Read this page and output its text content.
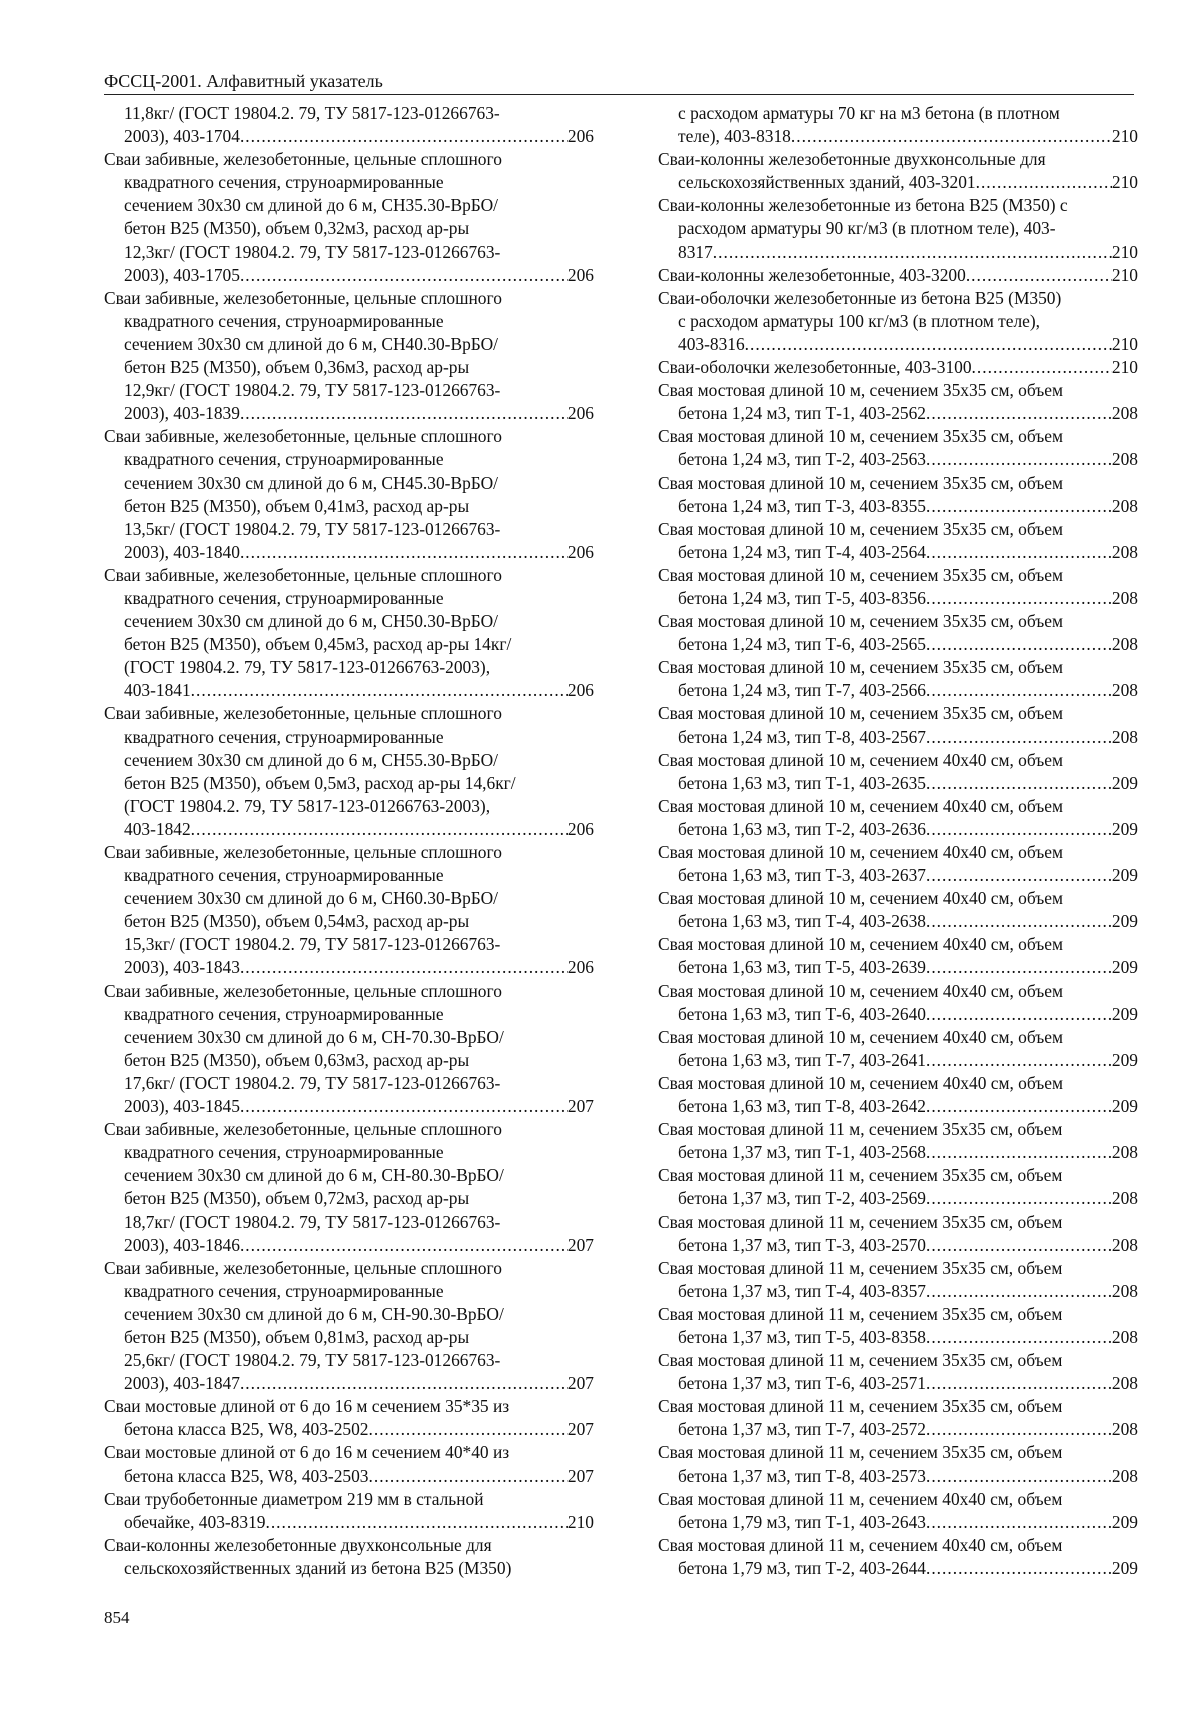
ФССЦ-2001. Алфавитный указатель
11,8кг/ (ГОСТ 19804.2. 79, ТУ 5817-123-01266763-
2003), 403-1704 .....	206
Сваи забивные, железобетонные, цельные сплошного
квадратного сечения, струноармированные
сечением 30х30 см длиной до 6 м, СН35.30-ВрБО/
бетон В25 (М350), объем 0,32м3, расход ар-ры
12,3кг/ (ГОСТ 19804.2. 79, ТУ 5817-123-01266763-
2003), 403-1705 .....	206
Сваи забивные, железобетонные, цельные сплошного
квадратного сечения, струноармированные
сечением 30х30 см длиной до 6 м, СН40.30-ВрБО/
бетон В25 (М350), объем 0,36м3, расход ар-ры
12,9кг/ (ГОСТ 19804.2. 79, ТУ 5817-123-01266763-
2003), 403-1839 .....	206
Сваи забивные, железобетонные, цельные сплошного
квадратного сечения, струноармированные
сечением 30х30 см длиной до 6 м, СН45.30-ВрБО/
бетон В25 (М350), объем 0,41м3, расход ар-ры
13,5кг/ (ГОСТ 19804.2. 79, ТУ 5817-123-01266763-
2003), 403-1840 .....	206
Сваи забивные, железобетонные, цельные сплошного
квадратного сечения, струноармированные
сечением 30х30 см длиной до 6 м, СН50.30-ВрБО/
бетон В25 (М350), объем 0,45м3, расход ар-ры 14кг/
(ГОСТ 19804.2. 79, ТУ 5817-123-01266763-2003),
403-1841 .....	206
Сваи забивные, железобетонные, цельные сплошного
квадратного сечения, струноармированные
сечением 30х30 см длиной до 6 м, СН55.30-ВрБО/
бетон В25 (М350), объем 0,5м3, расход ар-ры 14,6кг/
(ГОСТ 19804.2. 79, ТУ 5817-123-01266763-2003),
403-1842 .....	206
Сваи забивные, железобетонные, цельные сплошного
квадратного сечения, струноармированные
сечением 30х30 см длиной до 6 м, СН60.30-ВрБО/
бетон В25 (М350), объем 0,54м3, расход ар-ры
15,3кг/ (ГОСТ 19804.2. 79, ТУ 5817-123-01266763-
2003), 403-1843 .....	206
Сваи забивные, железобетонные, цельные сплошного
квадратного сечения, струноармированные
сечением 30х30 см длиной до 6 м, СН-70.30-ВрБО/
бетон В25 (М350), объем 0,63м3, расход ар-ры
17,6кг/ (ГОСТ 19804.2. 79, ТУ 5817-123-01266763-
2003), 403-1845 .....	207
Сваи забивные, железобетонные, цельные сплошного
квадратного сечения, струноармированные
сечением 30х30 см длиной до 6 м, СН-80.30-ВрБО/
бетон В25 (М350), объем 0,72м3, расход ар-ры
18,7кг/ (ГОСТ 19804.2. 79, ТУ 5817-123-01266763-
2003), 403-1846 .....	207
Сваи забивные, железобетонные, цельные сплошного
квадратного сечения, струноармированные
сечением 30х30 см длиной до 6 м, СН-90.30-ВрБО/
бетон В25 (М350), объем 0,81м3, расход ар-ры
25,6кг/ (ГОСТ 19804.2. 79, ТУ 5817-123-01266763-
2003), 403-1847 .....	207
Сваи мостовые длиной от 6 до 16 м сечением 35*35 из
бетона класса В25, W8, 403-2502 .....	207
Сваи мостовые длиной от 6 до 16 м сечением 40*40 из
бетона класса В25, W8, 403-2503 .....	207
Сваи трубобетонные диаметром 219 мм в стальной
обечайке, 403-8319 .....	210
Сваи-колонны железобетонные двухконсольные для
сельскохозяйственных зданий из бетона В25 (М350)
с расходом арматуры 70 кг на м3 бетона (в плотном
теле), 403-8318 .....	210
Сваи-колонны железобетонные двухконсольные для
сельскохозяйственных зданий, 403-3201 .....	210
Сваи-колонны железобетонные из бетона В25 (М350) с
расходом арматуры 90 кг/м3 (в плотном теле), 403-
8317 .....	210
Сваи-колонны железобетонные, 403-3200 .....	210
Сваи-оболочки железобетонные из бетона В25 (М350)
с расходом арматуры 100 кг/м3 (в плотном теле),
403-8316 .....	210
Сваи-оболочки железобетонные, 403-3100 .....	210
Свая мостовая длиной 10 м, сечением 35х35 см, объем
бетона 1,24 м3, тип Т-1, 403-2562 .....	208
Свая мостовая длиной 10 м, сечением 35х35 см, объем
бетона 1,24 м3, тип Т-2, 403-2563 .....	208
Свая мостовая длиной 10 м, сечением 35х35 см, объем
бетона 1,24 м3, тип Т-3, 403-8355 .....	208
Свая мостовая длиной 10 м, сечением 35х35 см, объем
бетона 1,24 м3, тип Т-4, 403-2564 .....	208
Свая мостовая длиной 10 м, сечением 35х35 см, объем
бетона 1,24 м3, тип Т-5, 403-8356 .....	208
Свая мостовая длиной 10 м, сечением 35х35 см, объем
бетона 1,24 м3, тип Т-6, 403-2565 .....	208
Свая мостовая длиной 10 м, сечением 35х35 см, объем
бетона 1,24 м3, тип Т-7, 403-2566 .....	208
Свая мостовая длиной 10 м, сечением 35х35 см, объем
бетона 1,24 м3, тип Т-8, 403-2567 .....	208
Свая мостовая длиной 10 м, сечением 40х40 см, объем
бетона 1,63 м3, тип Т-1, 403-2635 .....	209
Свая мостовая длиной 10 м, сечением 40х40 см, объем
бетона 1,63 м3, тип Т-2, 403-2636 .....	209
Свая мостовая длиной 10 м, сечением 40х40 см, объем
бетона 1,63 м3, тип Т-3, 403-2637 .....	209
Свая мостовая длиной 10 м, сечением 40х40 см, объем
бетона 1,63 м3, тип Т-4, 403-2638 .....	209
Свая мостовая длиной 10 м, сечением 40х40 см, объем
бетона 1,63 м3, тип Т-5, 403-2639 .....	209
Свая мостовая длиной 10 м, сечением 40х40 см, объем
бетона 1,63 м3, тип Т-6, 403-2640 .....	209
Свая мостовая длиной 10 м, сечением 40х40 см, объем
бетона 1,63 м3, тип Т-7, 403-2641 .....	209
Свая мостовая длиной 10 м, сечением 40х40 см, объем
бетона 1,63 м3, тип Т-8, 403-2642 .....	209
Свая мостовая длиной 11 м, сечением 35х35 см, объем
бетона 1,37 м3, тип Т-1, 403-2568 .....	208
Свая мостовая длиной 11 м, сечением 35х35 см, объем
бетона 1,37 м3, тип Т-2, 403-2569 .....	208
Свая мостовая длиной 11 м, сечением 35х35 см, объем
бетона 1,37 м3, тип Т-3, 403-2570 .....	208
Свая мостовая длиной 11 м, сечением 35х35 см, объем
бетона 1,37 м3, тип Т-4, 403-8357 .....	208
Свая мостовая длиной 11 м, сечением 35х35 см, объем
бетона 1,37 м3, тип Т-5, 403-8358 .....	208
Свая мостовая длиной 11 м, сечением 35х35 см, объем
бетона 1,37 м3, тип Т-6, 403-2571 .....	208
Свая мостовая длиной 11 м, сечением 35х35 см, объем
бетона 1,37 м3, тип Т-7, 403-2572 .....	208
Свая мостовая длиной 11 м, сечением 35х35 см, объем
бетона 1,37 м3, тип Т-8, 403-2573 .....	208
Свая мостовая длиной 11 м, сечением 40х40 см, объем
бетона 1,79 м3, тип Т-1, 403-2643 .....	209
Свая мостовая длиной 11 м, сечением 40х40 см, объем
бетона 1,79 м3, тип Т-2, 403-2644 .....	209
854
